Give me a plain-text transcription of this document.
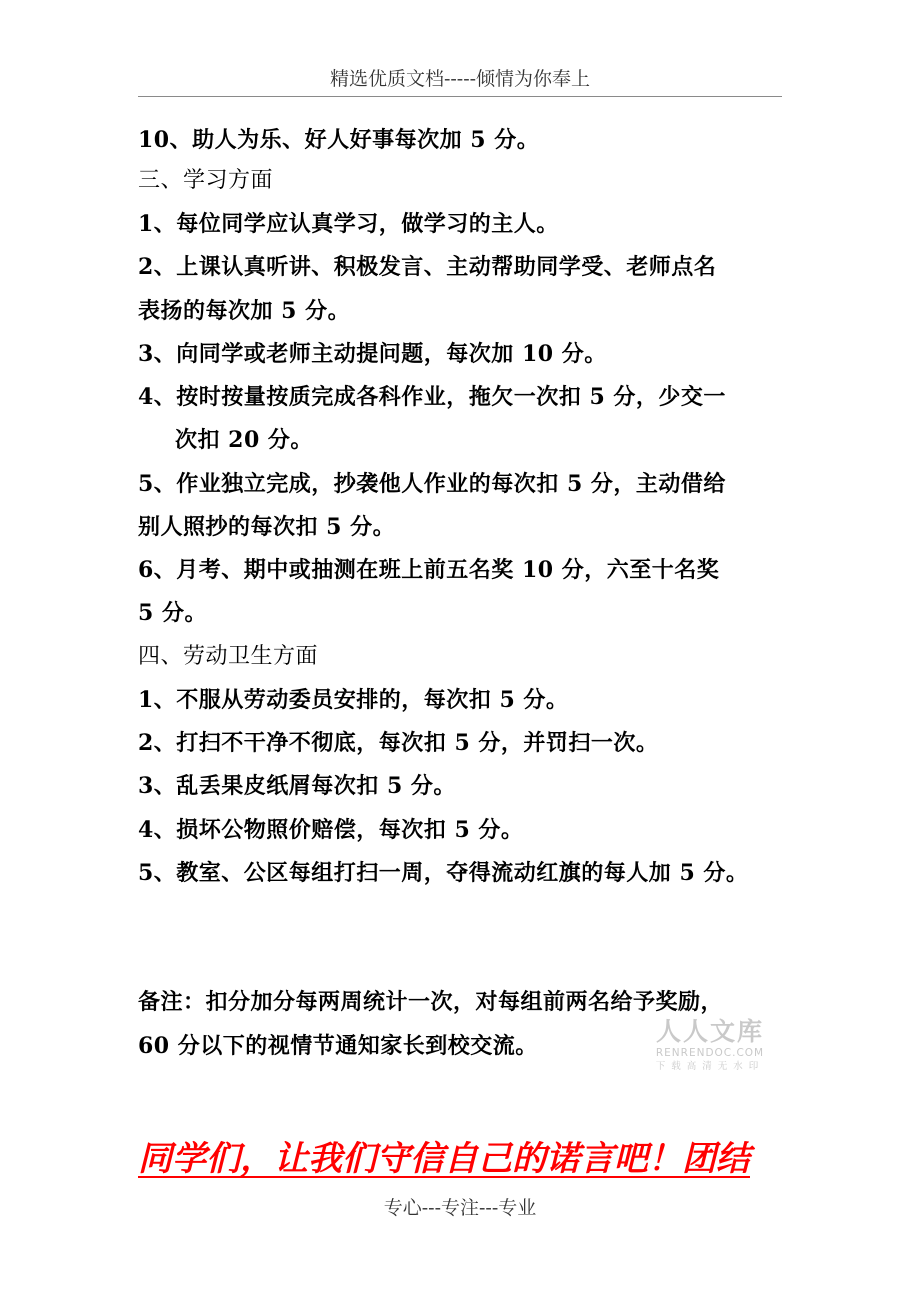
精选优质文档-----倾情为你奉上
10、助人为乐、好人好事每次加 5 分。
三、学习方面
1、每位同学应认真学习，做学习的主人。
2、上课认真听讲、积极发言、主动帮助同学受、老师点名
表扬的每次加 5 分。
3、向同学或老师主动提问题，每次加 10 分。
4、按时按量按质完成各科作业，拖欠一次扣 5 分，少交一
次扣 20 分。
5、作业独立完成，抄袭他人作业的每次扣 5 分，主动借给
别人照抄的每次扣 5 分。
6、月考、期中或抽测在班上前五名奖 10 分，六至十名奖
5 分。
四、劳动卫生方面
1、不服从劳动委员安排的，每次扣 5 分。
2、打扫不干净不彻底，每次扣 5 分，并罚扫一次。
3、乱丢果皮纸屑每次扣 5 分。
4、损坏公物照价赔偿，每次扣 5 分。
5、教室、公区每组打扫一周，夺得流动红旗的每人加 5 分。
备注：扣分加分每两周统计一次，对每组前两名给予奖励，
60 分以下的视情节通知家长到校交流。	人人文库
RENRENDOC.COM
下载高清无水印
同学们，让我们守信自己的诺言吧！团结
专心---专注---专业
